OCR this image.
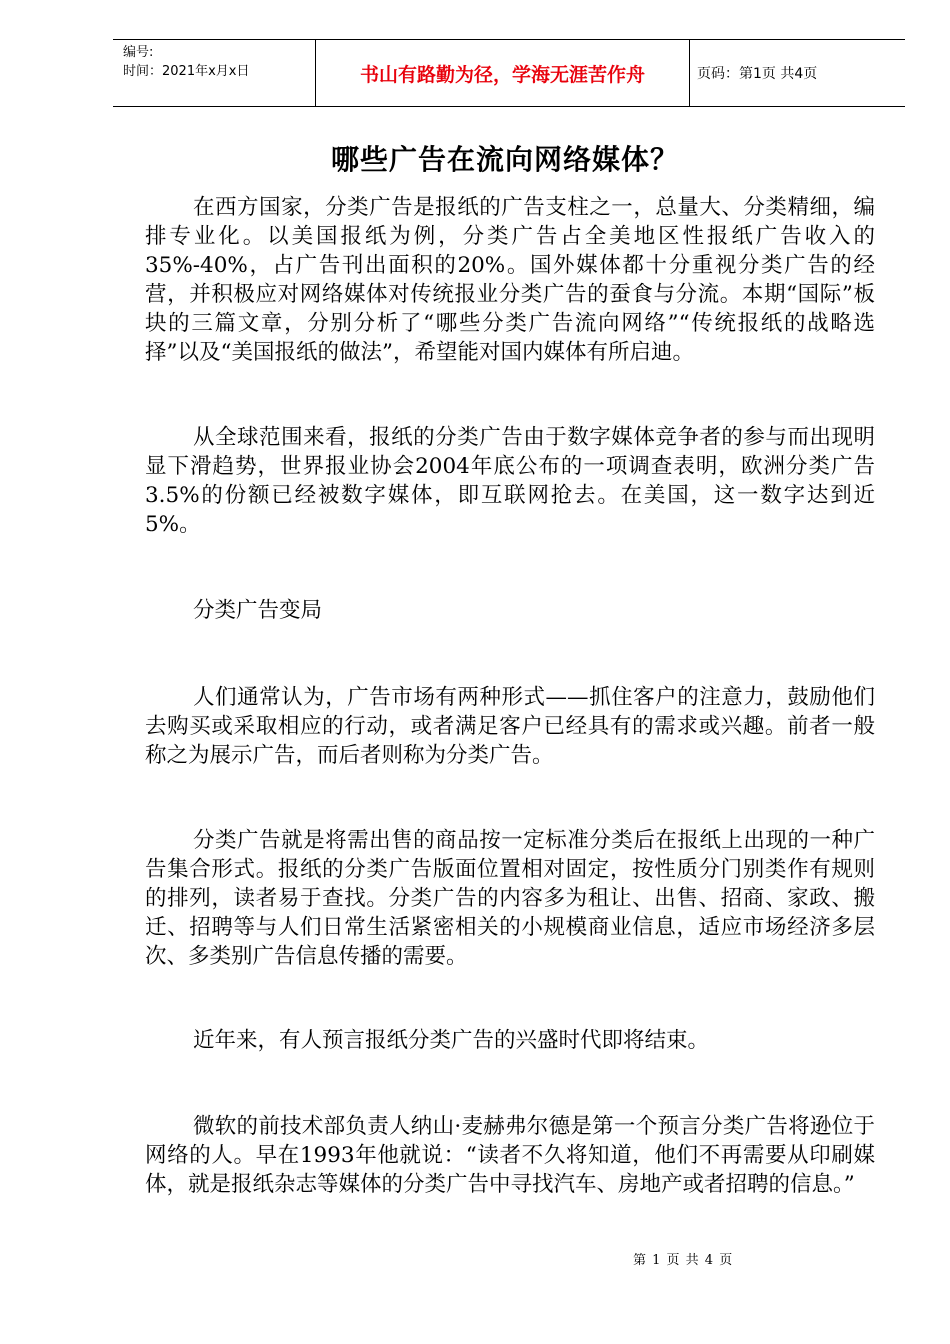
编号:
时间：2021年x月x日	书山有路勤为径，学海无涯苦作舟	页码：第1页 共4页
哪些广告在流向网络媒体？

在西方国家，分类广告是报纸的广告支柱之一，总量大、分类精细，编排专业化。以美国报纸为例，分类广告占全美地区性报纸广告收入的35%-40%，占广告刊出面积的20%。国外媒体都十分重视分类广告的经营，并积极应对网络媒体对传统报业分类广告的蚕食与分流。本期“国际”板块的三篇文章，分别分析了“哪些分类广告流向网络”“传统报纸的战略选择”以及“美国报纸的做法”，希望能对国内媒体有所启迪。

从全球范围来看，报纸的分类广告由于数字媒体竞争者的参与而出现明显下滑趋势，世界报业协会2004年底公布的一项调查表明，欧洲分类广告3.5%的份额已经被数字媒体，即互联网抢去。在美国，这一数字达到近5%。

分类广告变局

人们通常认为，广告市场有两种形式——抓住客户的注意力，鼓励他们去购买或采取相应的行动，或者满足客户已经具有的需求或兴趣。前者一般称之为展示广告，而后者则称为分类广告。

分类广告就是将需出售的商品按一定标准分类后在报纸上出现的一种广告集合形式。报纸的分类广告版面位置相对固定，按性质分门别类作有规则的排列，读者易于查找。分类广告的内容多为租让、出售、招商、家政、搬迁、招聘等与人们日常生活紧密相关的小规模商业信息，适应市场经济多层次、多类别广告信息传播的需要。

近年来，有人预言报纸分类广告的兴盛时代即将结束。

微软的前技术部负责人纳山·麦赫弗尔德是第一个预言分类广告将逊位于网络的人。早在1993年他就说：“读者不久将知道，他们不再需要从印刷媒体，就是报纸杂志等媒体的分类广告中寻找汽车、房地产或者招聘的信息。”

第 1 页 共 4 页
